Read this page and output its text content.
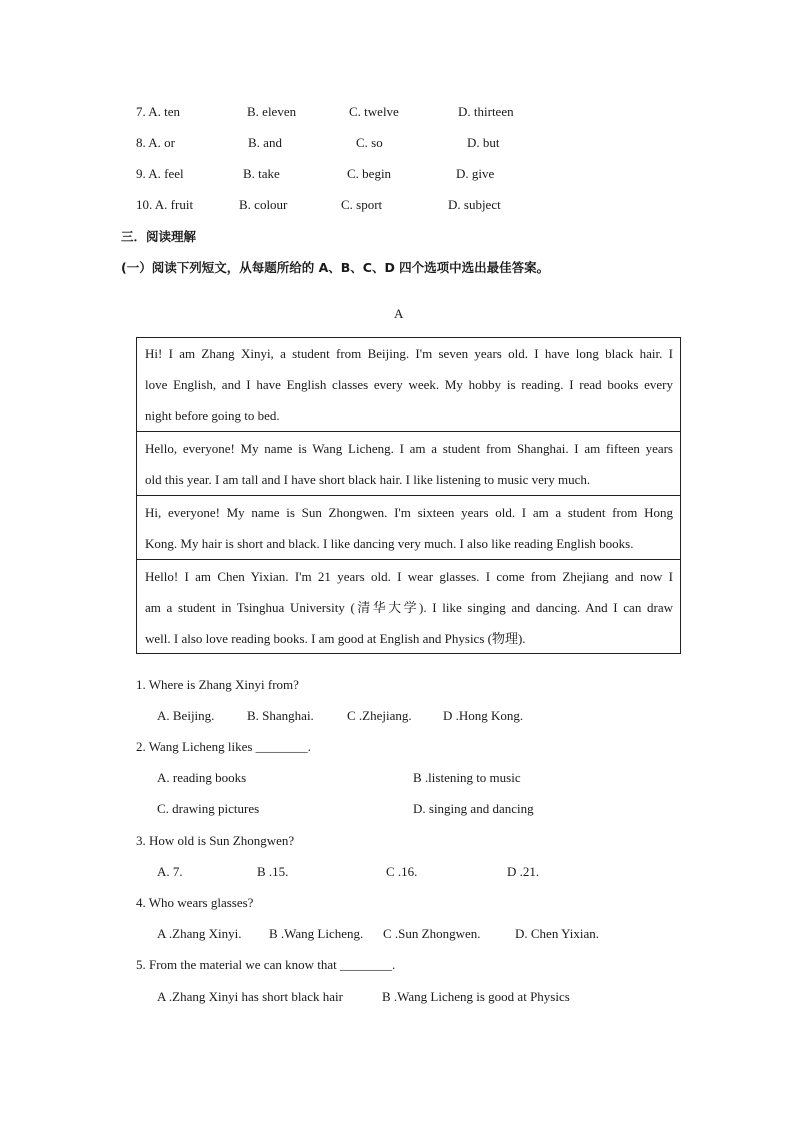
7. A. ten	B. eleven	C. twelve	D. thirteen
8. A. or	B. and	C. so	D. but
9. A. feel	B. take	C. begin	D. give
10. A. fruit	B. colour	C. sport	D. subject
三．阅读理解
(一）阅读下列短文，从每题所给的 A、B、C、D 四个选项中选出最佳答案。
A
Hi! I am Zhang Xinyi, a student from Beijing. I'm seven years old. I have long black hair. I
love English, and I have English classes every week. My hobby is reading. I read books every
night before going to bed.
Hello, everyone! My name is Wang Licheng. I am a student from Shanghai. I am fifteen years
old this year. I am tall and I have short black hair. I like listening to music very much.
Hi, everyone! My name is Sun Zhongwen. I'm sixteen years old. I am a student from Hong
Kong. My hair is short and black. I like dancing very much. I also like reading English books.
Hello! I am Chen Yixian. I'm 21 years old. I wear glasses. I come from Zhejiang and now I
am a student in Tsinghua University (清华大学). I like singing and dancing. And I can draw
well. I also love reading books. I am good at English and Physics (物理).
1. Where is Zhang Xinyi from?
A. Beijing.	B. Shanghai.	C .Zhejiang. D .Hong Kong.
2. Wang Licheng likes ________.
A. reading books	B .listening to music
C. drawing pictures	D. singing and dancing
3. How old is Sun Zhongwen?
A. 7.	B .15.	C .16.	D .21.
4. Who wears glasses?
A .Zhang Xinyi. B .Wang Licheng. C .Sun Zhongwen.	D. Chen Yixian.
5. From the material we can know that ________.
A .Zhang Xinyi has short black hair	B .Wang Licheng is good at Physics
